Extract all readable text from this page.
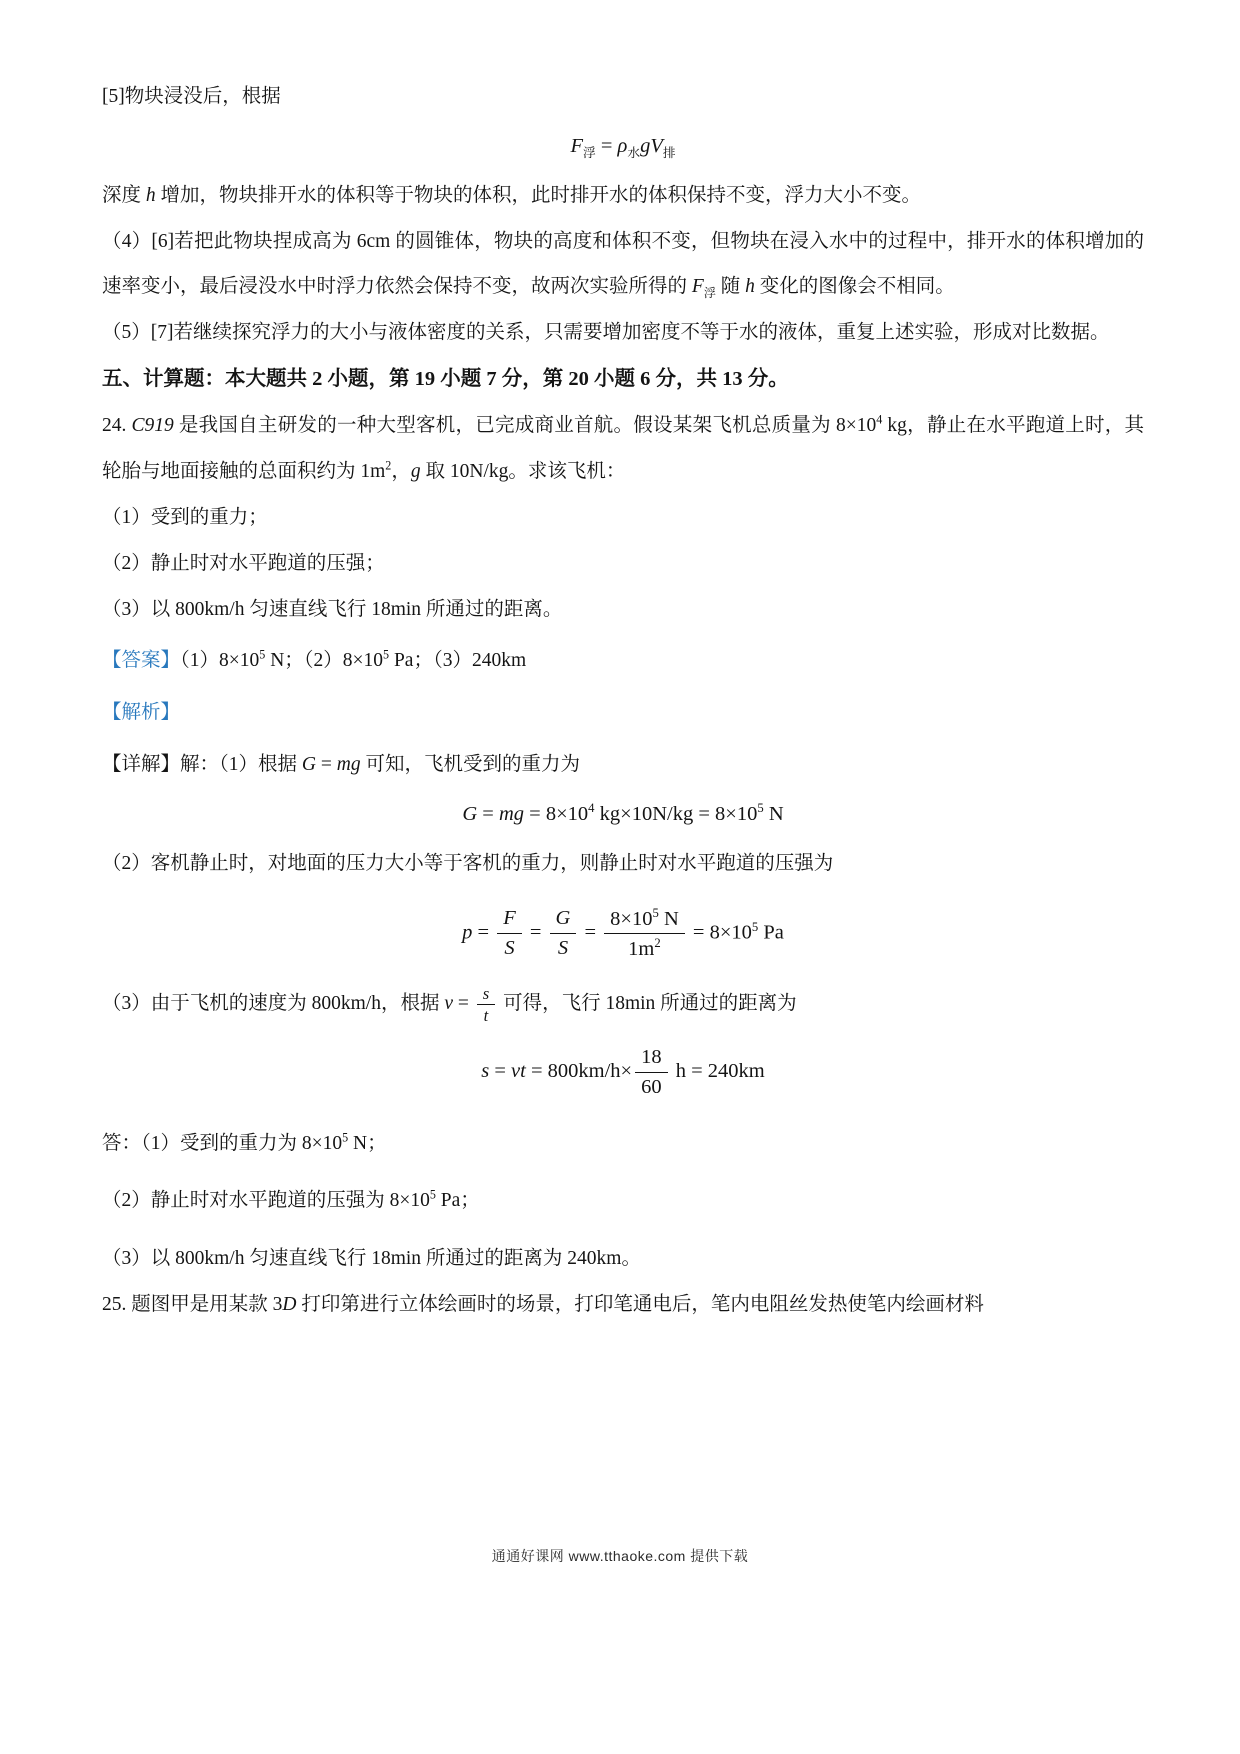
[5]物块浸没后，根据

$F_浮 = \rho_水gV_排$

深度 h 增加，物块排开水的体积等于物块的体积，此时排开水的体积保持不变，浮力大小不变。

（4）[6]若把此物块捏成高为 6cm 的圆锥体，物块的高度和体积不变，但物块在浸入水中的过程中，排开水的体积增加的速率变小，最后浸没水中时浮力依然会保持不变，故两次实验所得的 $F_浮$ 随 h 变化的图像会不相同。

（5）[7]若继续探究浮力的大小与液体密度的关系，只需要增加密度不等于水的液体，重复上述实验，形成对比数据。

五、计算题：本大题共 2 小题，第 19 小题 7 分，第 20 小题 6 分，共 13 分。

24. C919 是我国自主研发的一种大型客机，已完成商业首航。假设某架飞机总质量为 $8\times 10^4$ kg，静止在水平跑道上时，其轮胎与地面接触的总面积约为 $1m^2$，g 取 10N/kg。求该飞机：

（1）受到的重力；

（2）静止时对水平跑道的压强；

（3）以 800km/h 匀速直线飞行 18min 所通过的距离。

【答案】$(1)8\times 10^5$ N；$(2)8\times 10^5$ Pa；（3）240km

【解析】

【详解】解：（1）根据 G = mg 可知，飞机受到的重力为

G = mg = $8\times 10^4$ $kg\times 10N/kg = 8\times 10^5$ N

（2）客机静止时，对地面的压力大小等于客机的重力，则静止时对水平跑道的压强为

$p = \frac{F}{S} = \frac{G}{S} = \frac{8\times 10^5 N}{1m^2} = 8\times 10^5$ Pa

（3）由于飞机的速度为 800km/h，根据 $v = \frac{s}{t}$ 可得，飞行 18min 所通过的距离为

s = vt = $800km/h\times \frac{18}{60}$ h = 240km

答：（1）受到的重力为 $8\times 10^5$ N；

（2）静止时对水平跑道的压强为 $8\times 10^5$ Pa；

（3）以 800km/h 匀速直线飞行 18min 所通过的距离为 240km。

25. 题图甲是用某款 3D 打印第进行立体绘画时的场景，打印笔通电后，笔内电阻丝发热使笔内绘画材料

通通好课网 www.tthaoke.com 提供下载
